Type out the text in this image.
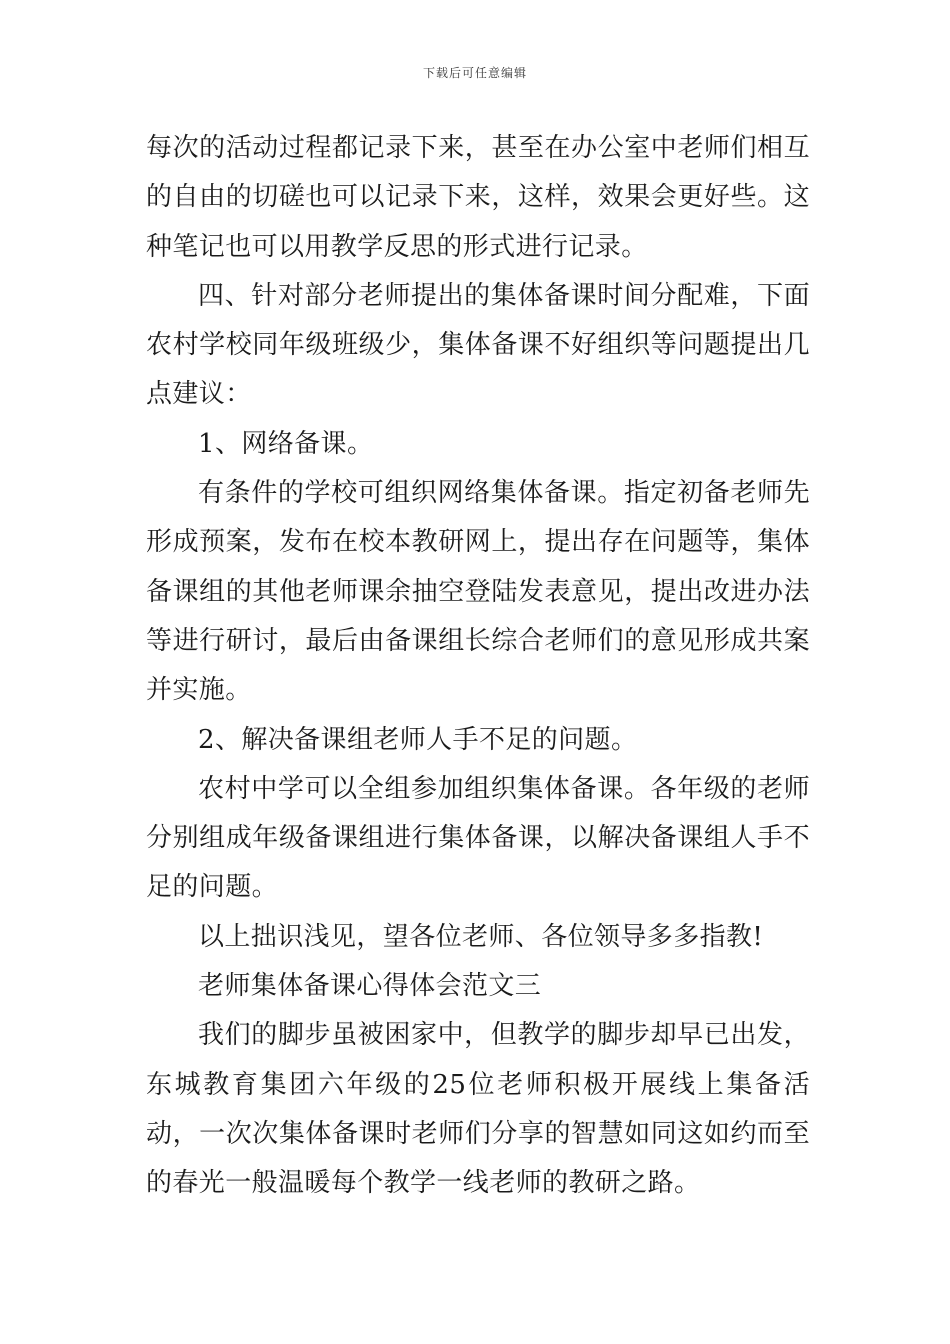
下载后可任意编辑

每次的活动过程都记录下来，甚至在办公室中老师们相互的自由的切磋也可以记录下来，这样，效果会更好些。这种笔记也可以用教学反思的形式进行记录。

四、针对部分老师提出的集体备课时间分配难，下面农村学校同年级班级少，集体备课不好组织等问题提出几点建议：

1、网络备课。

有条件的学校可组织网络集体备课。指定初备老师先形成预案，发布在校本教研网上，提出存在问题等，集体备课组的其他老师课余抽空登陆发表意见，提出改进办法等进行研讨，最后由备课组长综合老师们的意见形成共案并实施。

2、解决备课组老师人手不足的问题。

农村中学可以全组参加组织集体备课。各年级的老师分别组成年级备课组进行集体备课，以解决备课组人手不足的问题。

以上拙识浅见，望各位老师、各位领导多多指教!

老师集体备课心得体会范文三

我们的脚步虽被困家中，但教学的脚步却早已出发，东城教育集团六年级的25位老师积极开展线上集备活动，一次次集体备课时老师们分享的智慧如同这如约而至的春光一般温暖每个教学一线老师的教研之路。
